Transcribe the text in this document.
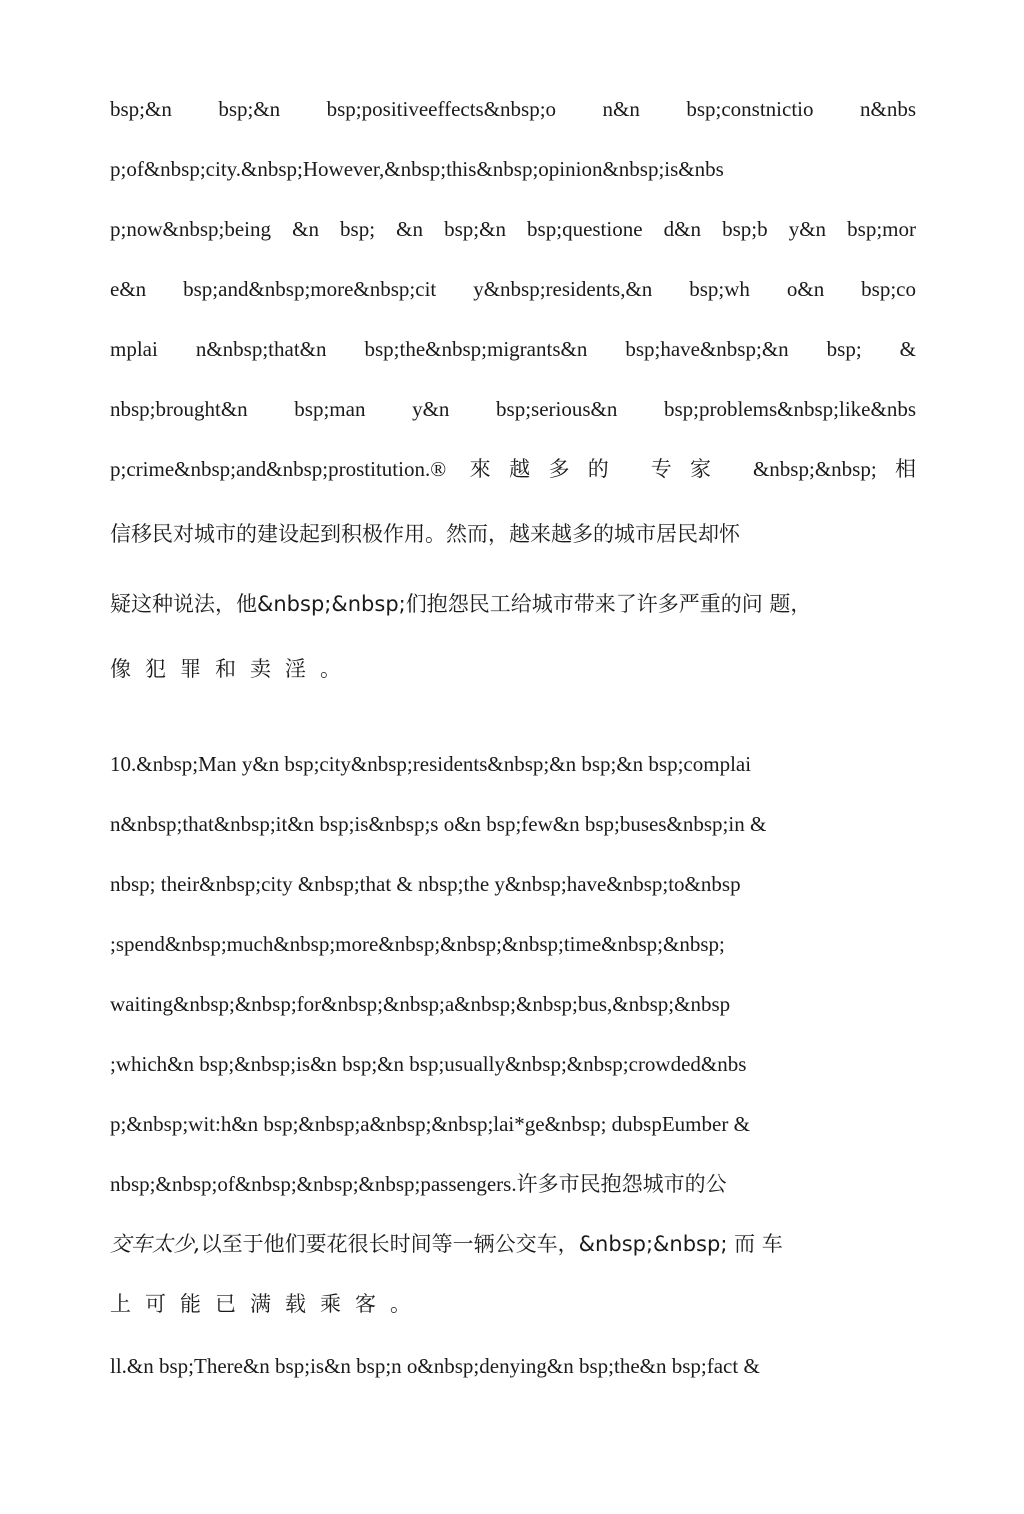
bsp;&n bsp;&n bsp;positiveeffects&nbsp;o n&n bsp;constnictio n&nbs

p;of&nbsp;city.&nbsp;However,&nbsp;this&nbsp;opinion&nbsp;is&nbs

p;now&nbsp;being &n bsp; &n bsp;&n bsp;questione d&n bsp;b y&n bsp;mor

e&n bsp;and&nbsp;more&nbsp;cit y&nbsp;residents,&n bsp;wh o&n bsp;co

mplai n&nbsp;that&n bsp;the&nbsp;migrants&n bsp;have&nbsp;&n bsp; &

nbsp;brought&n bsp;man y&n bsp;serious&n bsp;problems&nbsp;like&nbs

p;crime&nbsp;and&nbsp;prostitution.® 來越多的 专家 &nbsp;&nbsp;相

信移民对城市的建设起到积极作用。然而，越来越多的城市居民却怀

疑这种说法，他&nbsp;&nbsp;们抱怨民工给城市带来了许多严重的问 题，

像犯罪和卖淫。

10.&nbsp;Man y&n bsp;city&nbsp;residents&nbsp;&n bsp;&n bsp;complai

n&nbsp;that&nbsp;it&n bsp;is&nbsp;s o&n bsp;few&n bsp;buses&nbsp;in &

nbsp; their&nbsp;city &nbsp;that & nbsp;the y&nbsp;have&nbsp;to&nbsp

;spend&nbsp;much&nbsp;more&nbsp;&nbsp;&nbsp;time&nbsp;&nbsp;

waiting&nbsp;&nbsp;for&nbsp;&nbsp;a&nbsp;&nbsp;bus,&nbsp;&nbsp

;which&n bsp;&nbsp;is&n bsp;&n bsp;usually&nbsp;&nbsp;crowded&nbs

p;&nbsp;wit:h&n bsp;&nbsp;a&nbsp;&nbsp;lai*ge&nbsp; dubspEumber &

nbsp;&nbsp;of&nbsp;&nbsp;&nbsp;passengers.许多市民抱怨城市的公

交车太少,以至于他们要花很长时间等一辆公交车，&nbsp;&nbsp; 而 车

上可能已满载乘客。

ll.&n bsp;There&n bsp;is&n bsp;n o&nbsp;denying&n bsp;the&n bsp;fact &
